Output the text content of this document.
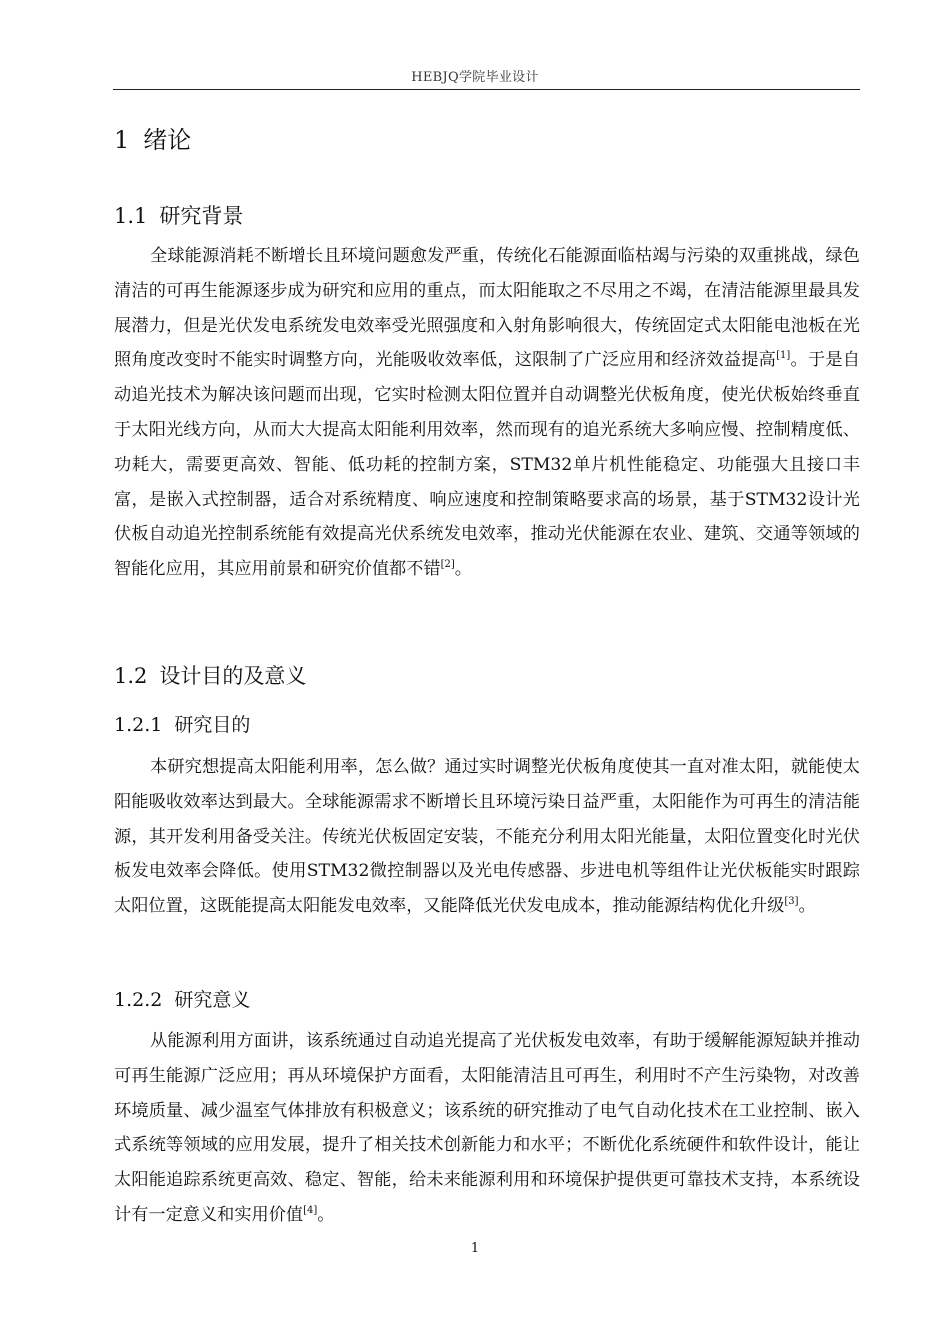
HEBJQ学院毕业设计
1 绪论
1.1 研究背景

全球能源消耗不断增长且环境问题愈发严重，传统化石能源面临枯竭与污染的双重挑战，绿色清洁的可再生能源逐步成为研究和应用的重点，而太阳能取之不尽用之不竭，在清洁能源里最具发展潜力，但是光伏发电系统发电效率受光照强度和入射角影响很大，传统固定式太阳能电池板在光照角度改变时不能实时调整方向，光能吸收效率低，这限制了广泛应用和经济效益提高[1]。于是自动追光技术为解决该问题而出现，它实时检测太阳位置并自动调整光伏板角度，使光伏板始终垂直于太阳光线方向，从而大大提高太阳能利用效率，然而现有的追光系统大多响应慢、控制精度低、功耗大，需要更高效、智能、低功耗的控制方案，STM32单片机性能稳定、功能强大且接口丰富，是嵌入式控制器，适合对系统精度、响应速度和控制策略要求高的场景，基于STM32设计光伏板自动追光控制系统能有效提高光伏系统发电效率，推动光伏能源在农业、建筑、交通等领域的智能化应用，其应用前景和研究价值都不错[2]。

1.2 设计目的及意义
1.2.1 研究目的

本研究想提高太阳能利用率，怎么做？通过实时调整光伏板角度使其一直对准太阳，就能使太阳能吸收效率达到最大。全球能源需求不断增长且环境污染日益严重，太阳能作为可再生的清洁能源，其开发利用备受关注。传统光伏板固定安装，不能充分利用太阳光能量，太阳位置变化时光伏板发电效率会降低。使用STM32微控制器以及光电传感器、步进电机等组件让光伏板能实时跟踪太阳位置，这既能提高太阳能发电效率，又能降低光伏发电成本，推动能源结构优化升级[3]。

1.2.2 研究意义

从能源利用方面讲，该系统通过自动追光提高了光伏板发电效率，有助于缓解能源短缺并推动可再生能源广泛应用；再从环境保护方面看，太阳能清洁且可再生，利用时不产生污染物，对改善环境质量、减少温室气体排放有积极意义；该系统的研究推动了电气自动化技术在工业控制、嵌入式系统等领域的应用发展，提升了相关技术创新能力和水平；不断优化系统硬件和软件设计，能让太阳能追踪系统更高效、稳定、智能，给未来能源利用和环境保护提供更可靠技术支持，本系统设计有一定意义和实用价值[4]。

1
